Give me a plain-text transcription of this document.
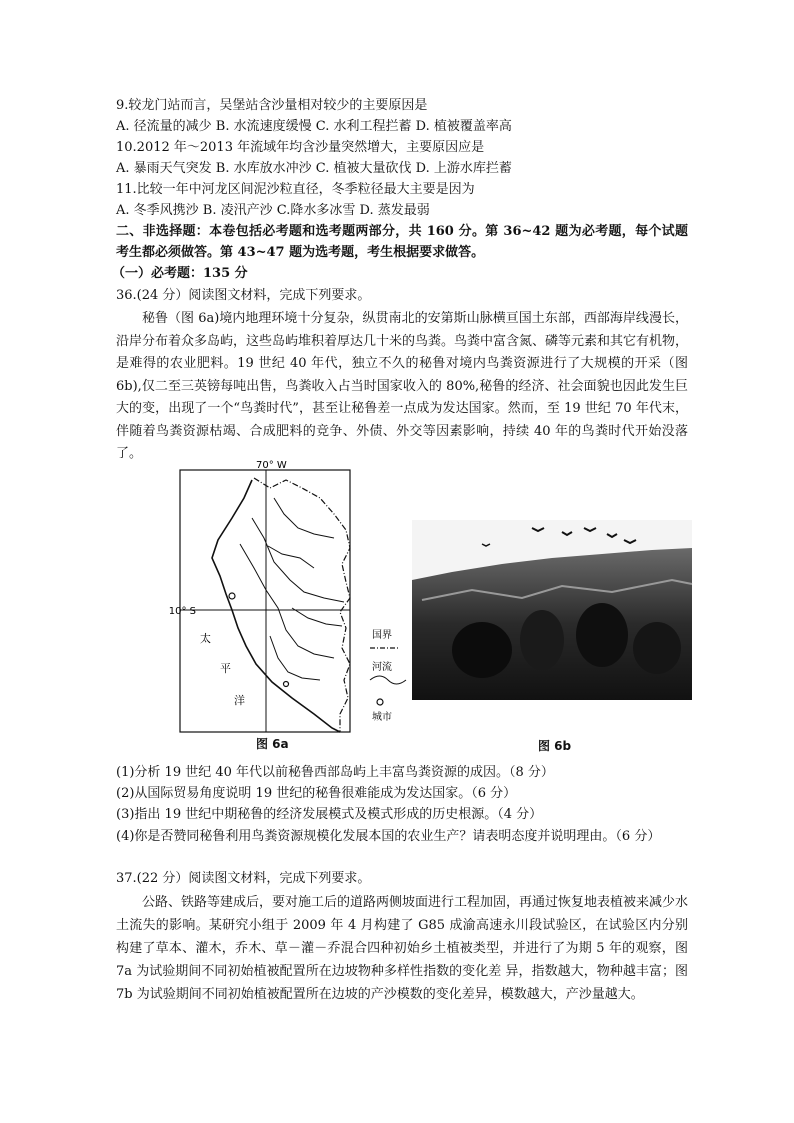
9.较龙门站而言，吴堡站含沙量相对较少的主要原因是
A. 径流量的减少 B. 水流速度缓慢 C. 水利工程拦蓄 D. 植被覆盖率高
10.2012 年～2013 年流域年均含沙量突然增大，主要原因应是
A. 暴雨天气突发 B. 水库放水冲沙 C. 植被大量砍伐 D. 上游水库拦蓄
11.比较一年中河龙区间泥沙粒直径，冬季粒径最大主要是因为
A. 冬季风携沙 B. 凌汛产沙 C.降水多冰雪 D. 蒸发最弱
二、非选择题：本卷包括必考题和选考题两部分，共 160 分。第 36~42 题为必考题，每个试题考生都必须做答。第 43~47 题为选考题，考生根据要求做答。
（一）必考题：135 分
36.(24 分）阅读图文材料，完成下列要求。
秘鲁（图 6a)境内地理环境十分复杂，纵贯南北的安第斯山脉横亘国土东部，西部海岸线漫长，沿岸分布着众多岛屿，这些岛屿堆积着厚达几十米的鸟粪。鸟粪中富含氮、磷等元素和其它有机物，是难得的农业肥料。19 世纪 40 年代，独立不久的秘鲁对境内鸟粪资源进行了大规模的开采（图 6b),仅二至三英镑每吨出售，鸟粪收入占当时国家收入的 80%,秘鲁的经济、社会面貌也因此发生巨大的变，出现了一个“鸟粪时代”，甚至让秘鲁差一点成为发达国家。然而，至 19 世纪 70 年代末，伴随着鸟粪资源枯竭、合成肥料的竞争、外债、外交等因素影响，持续 40 年的鸟粪时代开始没落了。
70° W
10° S
太
平
洋
国界
河流
城市
图 6a	图 6b
(1)分析 19 世纪 40 年代以前秘鲁西部岛屿上丰富鸟粪资源的成因。（8 分）
(2)从国际贸易角度说明 19 世纪的秘鲁很难能成为发达国家。（6 分）
(3)指出 19 世纪中期秘鲁的经济发展模式及模式形成的历史根源。（4 分）
(4)你是否赞同秘鲁利用鸟粪资源规模化发展本国的农业生产？请表明态度并说明理由。（6 分）
37.(22 分）阅读图文材料，完成下列要求。
公路、铁路等建成后，要对施工后的道路两侧坡面进行工程加固，再通过恢复地表植被来减少水土流失的影响。某研究小组于 2009 年 4 月构建了 G85 成渝高速永川段试验区，在试验区内分别构建了草本、灌木，乔木、草－灌－乔混合四种初始乡土植被类型，并进行了为期 5 年的观察，图 7a 为试验期间不同初始植被配置所在边坡物种多样性指数的变化差 异，指数越大，物种越丰富；图 7b 为试验期间不同初始植被配置所在边坡的产沙模数的变化差异，模数越大，产沙量越大。
